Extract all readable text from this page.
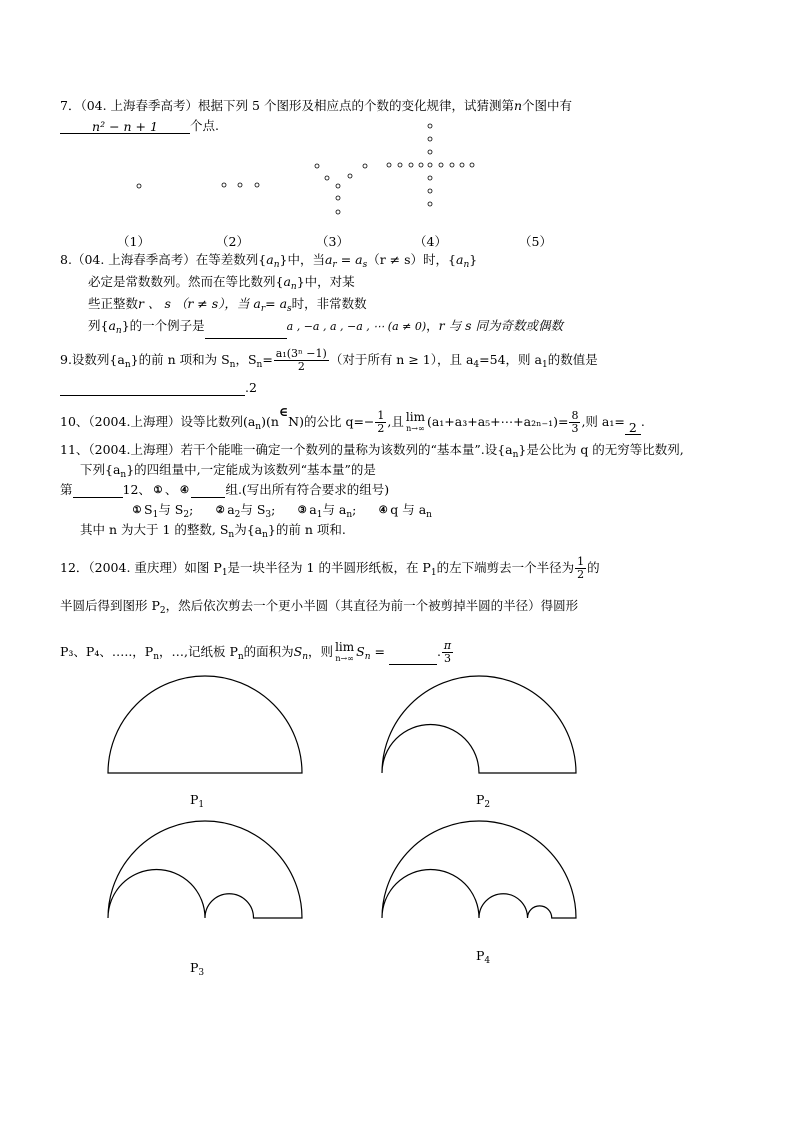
7．（04. 上海春季高考）根据下列 5 个图形及相应点的个数的变化规律，试猜测第n个图中有
n² − n + 1	个点.
（1）	（2）	（3）	（4）	（5）
8.（04. 上海春季高考）在等差数列$\{a_n\}$中，当$a_r = a_s(r \ne s)$时，$\{a_n\}$
必定是常数数列。然而在等比数列$\{a_n\}$中，对某
些正整数r 、 s （r ≠ s），当 $a_r= a_s$时，非常数数
列$\{a_n\}$的一个例子是	a , −a , a , −a , ⋯ (a ≠ 0)，r 与 s 同为奇数或偶数
9.设数列$\{a_n\}$的前 n 项和为 $S_n$，$S_n= \frac{\text{a₁(3ⁿ −1)}}{2}$ （对于所有 n ≥ 1），且 $a_4=54$，则 $a_1$的数值是
.2
10、（2004.上海理）设等比数列$(a_n)(n\in N)$的公比 $q=- \frac{1}{2}$ ,且 lim
n→∞ (a₁+a₃+a₅+⋯+a₂ₙ₋₁)= $\frac{8}{3}$ ,则 a₁= 2 .
11、（2004.上海理）若干个能唯一确定一个数列的量称为该数列的“基本量”.设$\{a_n\}$是公比为 q 的无穷等比数列,
下列$\{a_n\}$的四组量中,一定能成为该数列“基本量”的是
第	12、 ① 、 ④	组.(写出所有符合要求的组号)
① $S_1$与 $S_2$;     ② $a_2$与 $S_3$;     ③ $a_1$与 $a_n$;     ④ q 与 $a_n$
其中 n 为大于 1 的整数, $S_n$为$\{a_n\}$的前 n 项和.
12．（2004. 重庆理）如图 $P_1$是一块半径为 1 的半圆形纸板，在 $P_1$的左下端剪去一个半径为 $\frac{1}{2}$ 的
半圆后得到图形 $P_2$，然后依次剪去一个更小半圆（其直径为前一个被剪掉半圆的半径）得圆形
P₃、P₄、…..，$P_n$，…,记纸板 $P_n$的面积为$S_n$，则 lim
n→∞ $S_n$ =	. $\frac{\pi}{3}$
$P_1$	$P_2$
$P_3$
$P_4$
